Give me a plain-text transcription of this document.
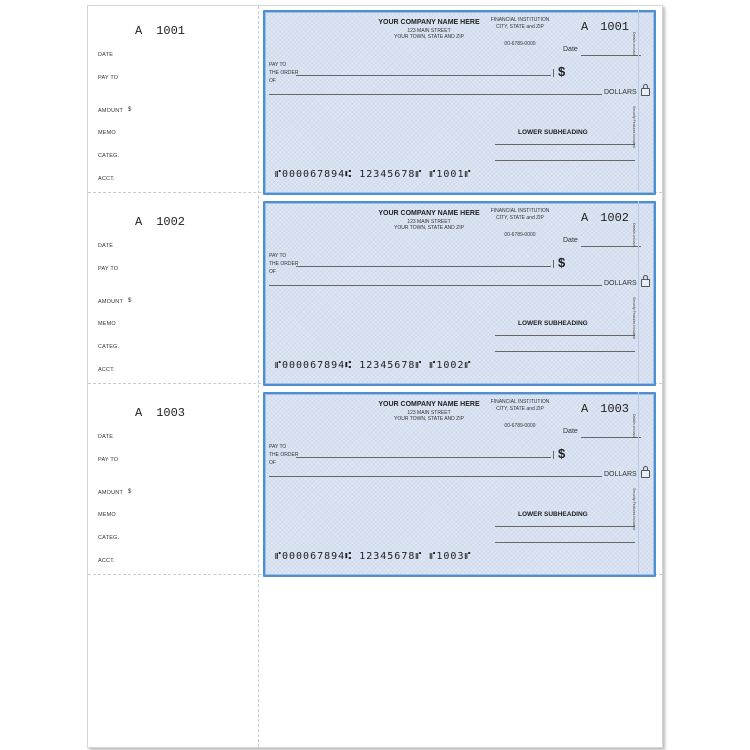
A 1001
DATE
PAY TO
AMOUNT $
MEMO
CATEG.
ACCT.
YOUR COMPANY NAME HERE
123 MAIN STREET
YOUR TOWN, STATE AND ZIP
FINANCIAL INSTITUTION
CITY, STATE and ZIP
00-6789-0000
A 1001
Date
PAY TO
THE ORDER
OF
$
DOLLARS
LOWER SUBHEADING
⑈000067894⑆ 12345678⑈ ⑈1001⑈
Details on back
Security Features Included
A 1002
DATE
PAY TO
AMOUNT $
MEMO
CATEG.
ACCT.
YOUR COMPANY NAME HERE
123 MAIN STREET
YOUR TOWN, STATE AND ZIP
FINANCIAL INSTITUTION
CITY, STATE and ZIP
00-6789-0000
A 1002
Date
PAY TO
THE ORDER
OF
$
DOLLARS
LOWER SUBHEADING
⑈000067894⑆ 12345678⑈ ⑈1002⑈
Details on back
Security Features Included
A 1003
DATE
PAY TO
AMOUNT $
MEMO
CATEG.
ACCT.
YOUR COMPANY NAME HERE
123 MAIN STREET
YOUR TOWN, STATE AND ZIP
FINANCIAL INSTITUTION
CITY, STATE and ZIP
00-6789-0000
A 1003
Date
PAY TO
THE ORDER
OF
$
DOLLARS
LOWER SUBHEADING
⑈000067894⑆ 12345678⑈ ⑈1003⑈
Details on back
Security Features Included
